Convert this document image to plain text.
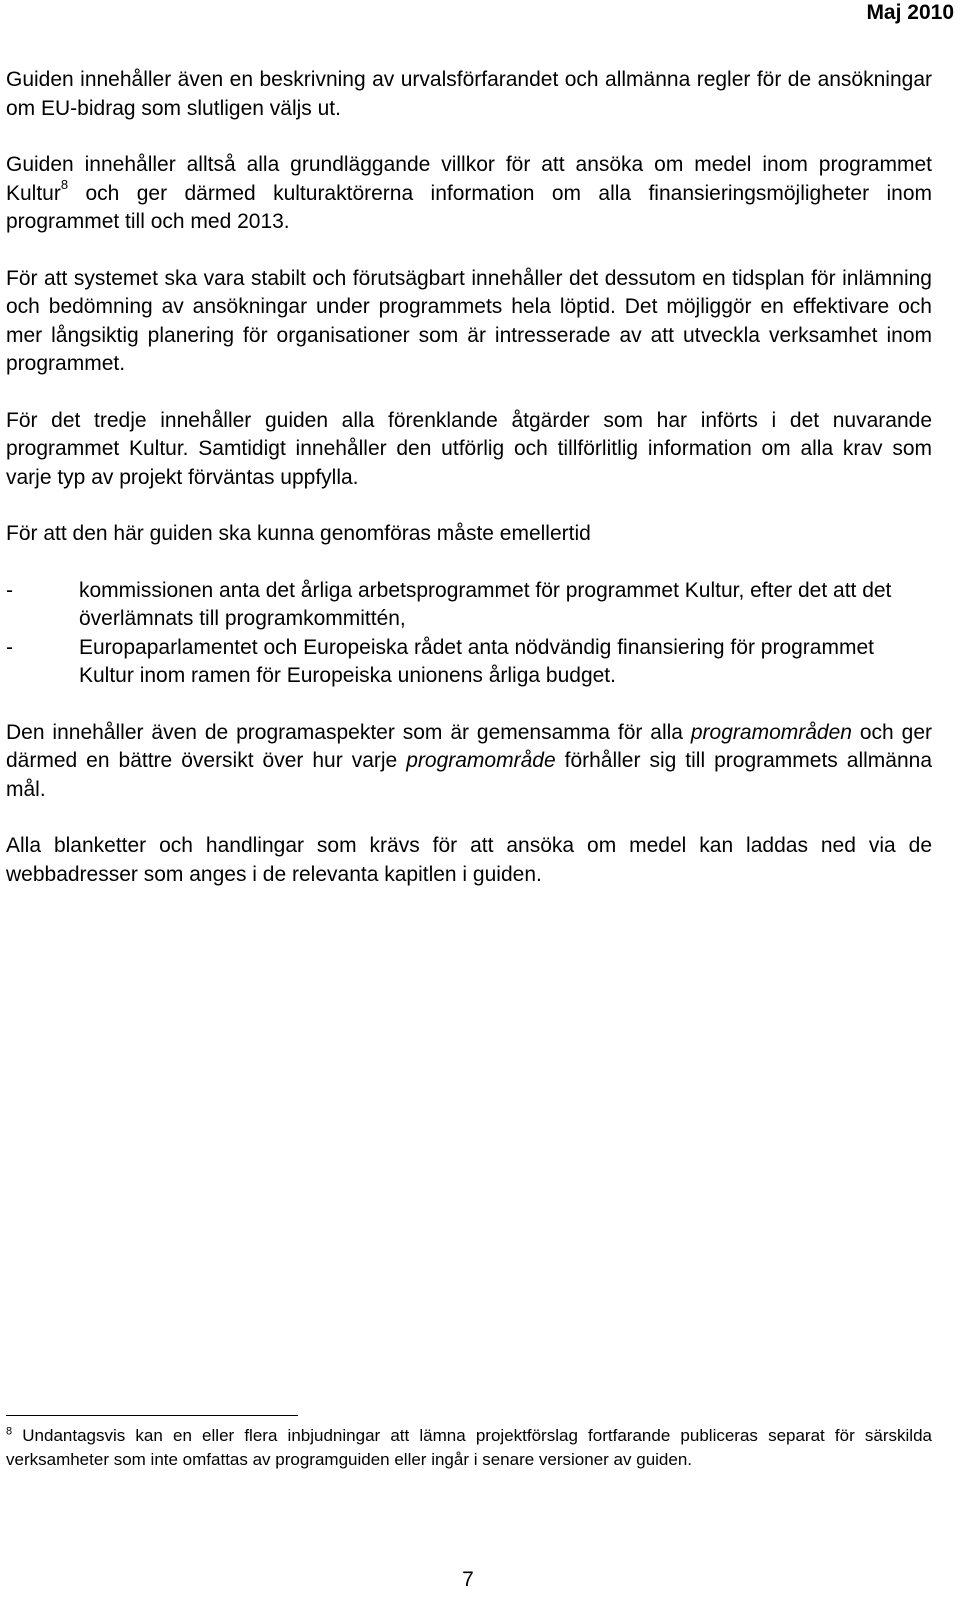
Maj 2010

Guiden innehåller även en beskrivning av urvalsförfarandet och allmänna regler för de ansökningar om EU-bidrag som slutligen väljs ut.

Guiden innehåller alltså alla grundläggande villkor för att ansöka om medel inom programmet Kultur$^8$ och ger därmed kulturaktörerna information om alla finansieringsmöjligheter inom programmet till och med 2013.

För att systemet ska vara stabilt och förutsägbart innehåller det dessutom en tidsplan för inlämning och bedömning av ansökningar under programmets hela löptid. Det möjliggör en effektivare och mer långsiktig planering för organisationer som är intresserade av att utveckla verksamhet inom programmet.

För det tredje innehåller guiden alla förenklande åtgärder som har införts i det nuvarande programmet Kultur. Samtidigt innehåller den utförlig och tillförlitlig information om alla krav som varje typ av projekt förväntas uppfylla.

För att den här guiden ska kunna genomföras måste emellertid

-	kommissionen anta det årliga arbetsprogrammet för programmet Kultur, efter det att det överlämnats till programkommittén,
-	Europaparlamentet och Europeiska rådet anta nödvändig finansiering för programmet Kultur inom ramen för Europeiska unionens årliga budget.

Den innehåller även de programaspekter som är gemensamma för alla programområden och ger därmed en bättre översikt över hur varje programområde förhåller sig till programmets allmänna mål.

Alla blanketter och handlingar som krävs för att ansöka om medel kan laddas ned via de webbadresser som anges i de relevanta kapitlen i guiden.

$^8$ Undantagsvis kan en eller flera inbjudningar att lämna projektförslag fortfarande publiceras separat för särskilda verksamheter som inte omfattas av programguiden eller ingår i senare versioner av guiden.
7
